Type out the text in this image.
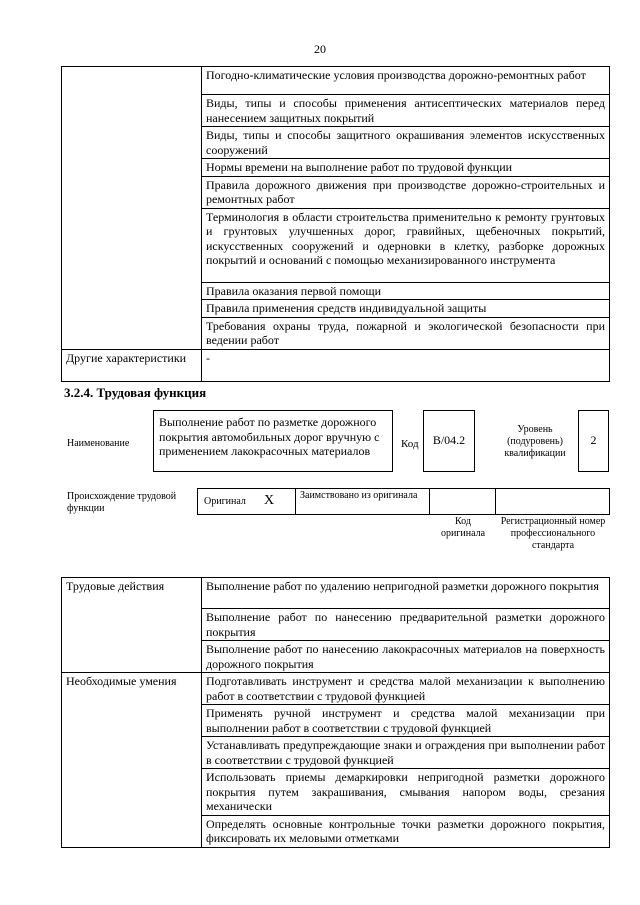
20
	Погодно-климатические условия производства дорожно-ремонтных работ
	Виды, типы и способы применения антисептических материалов перед нанесением защитных покрытий
	Виды, типы и способы защитного окрашивания элементов искусственных сооружений
	Нормы времени на выполнение работ по трудовой функции
	Правила дорожного движения при производстве дорожно-строительных и ремонтных работ
	Терминология в области строительства применительно к ремонту грунтовых и грунтовых улучшенных дорог, гравийных, щебеночных покрытий, искусственных сооружений и одерновки в клетку, разборке дорожных покрытий и оснований с помощью механизированного инструмента
	Правила оказания первой помощи
	Правила применения средств индивидуальной защиты
	Требования охраны труда, пожарной и экологической безопасности при ведении работ
Другие характеристики	-
3.2.4. Трудовая функция
Наименование
Выполнение работ по разметке дорожного покрытия автомобильных дорог вручную с применением лакокрасочных материалов	Код	B/04.2
Уровень (подуровень) квалификации
2
Происхождение трудовой функции
Оригинал X	Заимствовано из оригинала
Код оригинала
Регистрационный номер профессионального стандарта
Трудовые действия	Выполнение работ по удалению непригодной разметки дорожного покрытия
	Выполнение работ по нанесению предварительной разметки дорожного покрытия
	Выполнение работ по нанесению лакокрасочных материалов на поверхность дорожного покрытия
Необходимые умения	Подготавливать инструмент и средства малой механизации к выполнению работ в соответствии с трудовой функцией
	Применять ручной инструмент и средства малой механизации при выполнении работ в соответствии с трудовой функцией
	Устанавливать предупреждающие знаки и ограждения при выполнении работ в соответствии с трудовой функцией
	Использовать приемы демаркировки непригодной разметки дорожного покрытия путем закрашивания, смывания напором воды, срезания механически
	Определять основные контрольные точки разметки дорожного покрытия, фиксировать их меловыми отметками
